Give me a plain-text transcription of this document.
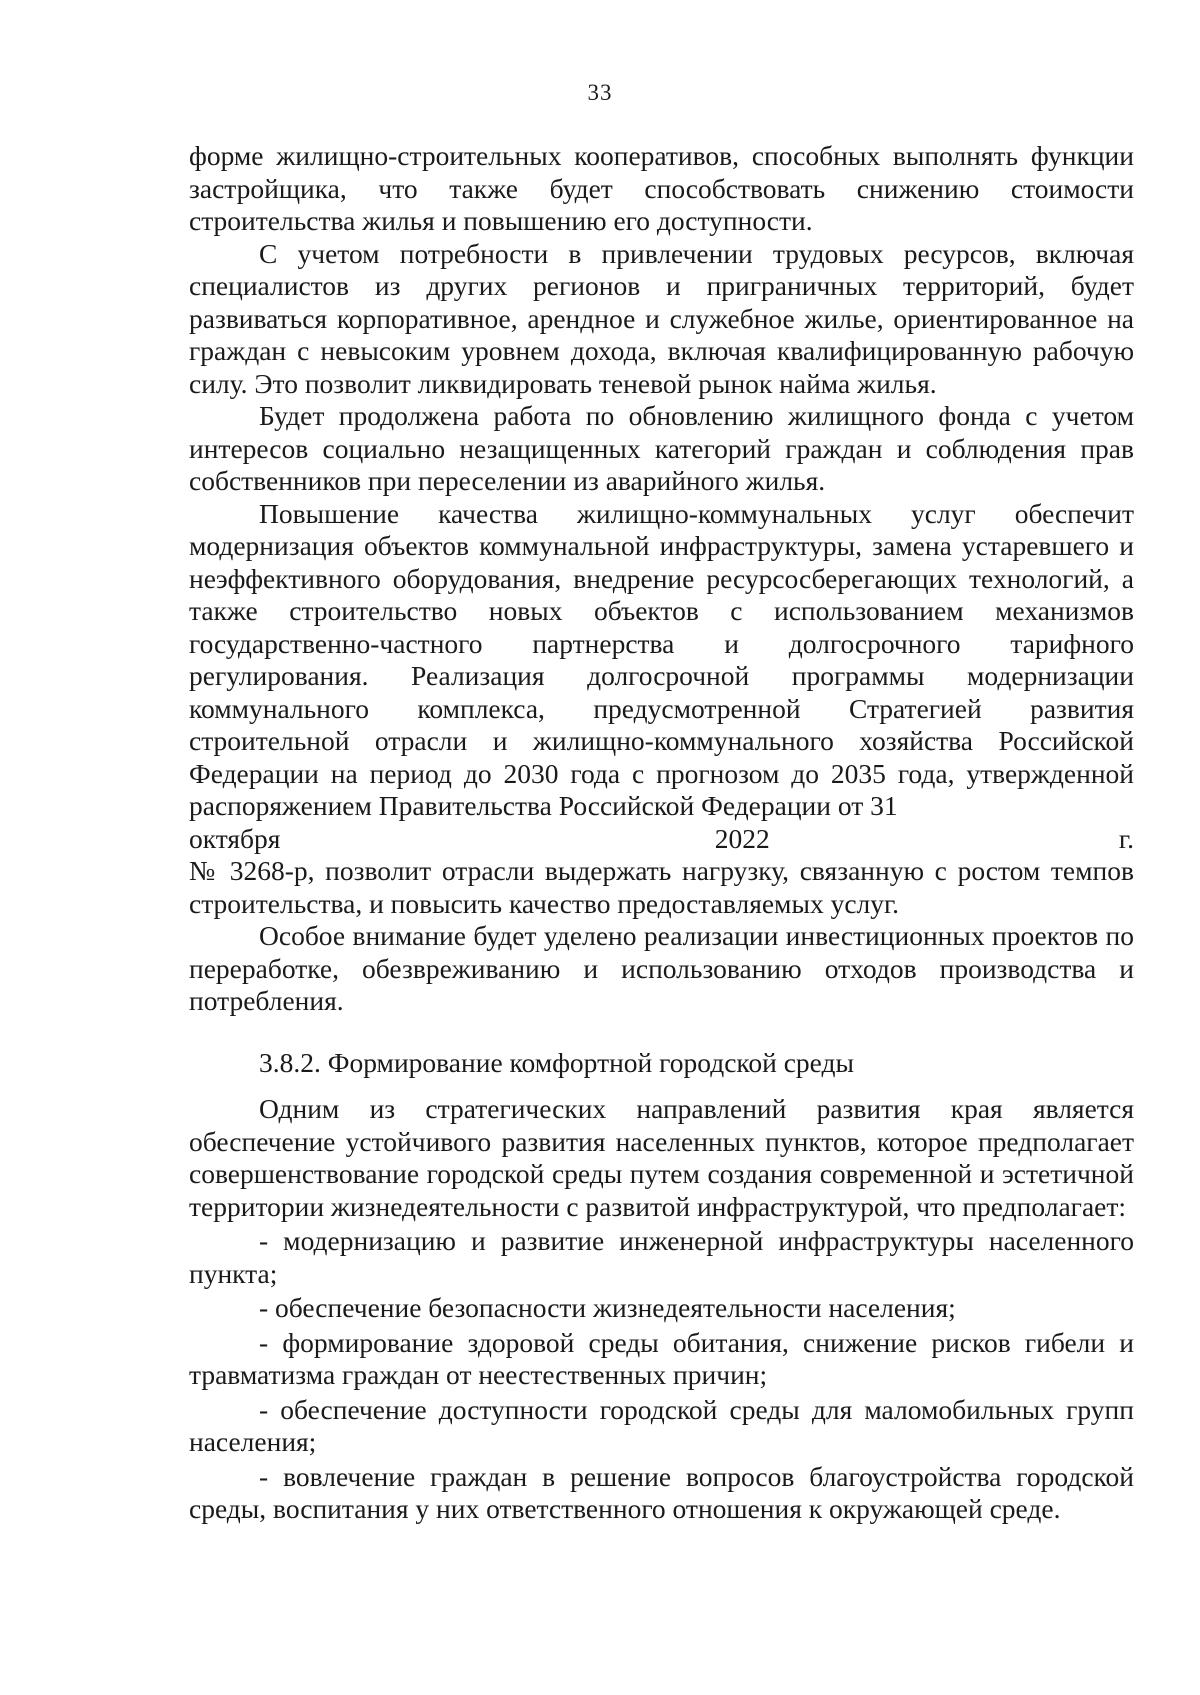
33

форме жилищно-строительных кооперативов, способных выполнять функции застройщика, что также будет способствовать снижению стоимости строительства жилья и повышению его доступности.

С учетом потребности в привлечении трудовых ресурсов, включая специалистов из других регионов и приграничных территорий, будет развиваться корпоративное, арендное и служебное жилье, ориентированное на граждан с невысоким уровнем дохода, включая квалифицированную рабочую силу. Это позволит ликвидировать теневой рынок найма жилья.

Будет продолжена работа по обновлению жилищного фонда с учетом интересов социально незащищенных категорий граждан и соблюдения прав собственников при переселении из аварийного жилья.

Повышение качества жилищно-коммунальных услуг обеспечит модернизация объектов коммунальной инфраструктуры, замена устаревшего и неэффективного оборудования, внедрение ресурсосберегающих технологий, а также строительство новых объектов с использованием механизмов государственно-частного партнерства и долгосрочного тарифного регулирования. Реализация долгосрочной программы модернизации коммунального комплекса, предусмотренной Стратегией развития строительной отрасли и жилищно-коммунального хозяйства Российской Федерации на период до 2030 года с прогнозом до 2035 года, утвержденной распоряжением Правительства Российской Федерации от 31

октября	2022	г.

№ 3268-р, позволит отрасли выдержать нагрузку, связанную с ростом темпов строительства, и повысить качество предоставляемых услуг.

Особое внимание будет уделено реализации инвестиционных проектов по переработке, обезвреживанию и использованию отходов производства и потребления.

3.8.2. Формирование комфортной городской среды

Одним из стратегических направлений развития края является обеспечение устойчивого развития населенных пунктов, которое предполагает совершенствование городской среды путем создания современной и эстетичной территории жизнедеятельности с развитой инфраструктурой, что предполагает:

- модернизацию и развитие инженерной инфраструктуры населенного пункта;

- обеспечение безопасности жизнедеятельности населения;

- формирование здоровой среды обитания, снижение рисков гибели и травматизма граждан от неестественных причин;

- обеспечение доступности городской среды для маломобильных групп населения;

- вовлечение граждан в решение вопросов благоустройства городской среды, воспитания у них ответственного отношения к окружающей среде.
